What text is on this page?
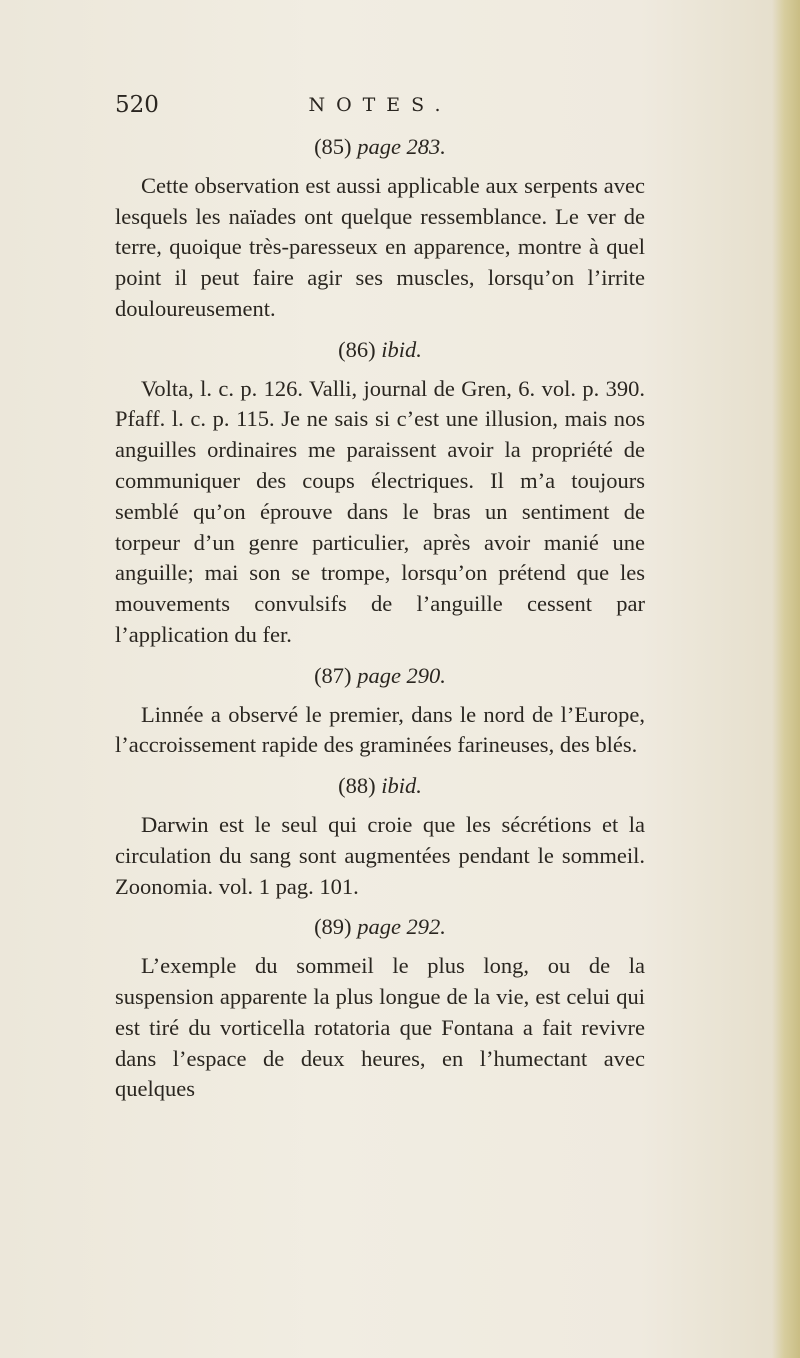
520	NOTES.
(85) page 283.

Cette observation est aussi applicable aux serpents avec lesquels les naïades ont quelque ressemblance. Le ver de terre, quoique très-paresseux en apparence, montre à quel point il peut faire agir ses muscles, lorsqu’on l’irrite douloureusement.

(86) ibid.

Volta, l. c. p. 126. Valli, journal de Gren, 6. vol. p. 390. Pfaff. l. c. p. 115. Je ne sais si c’est une illusion, mais nos anguilles ordinaires me paraissent avoir la propriété de communiquer des coups électriques. Il m’a toujours semblé qu’on éprouve dans le bras un sentiment de torpeur d’un genre particulier, après avoir manié une anguille; mai son se trompe, lorsqu’on prétend que les mouvements convulsifs de l’anguille cessent par l’application du fer.

(87) page 290.

Linnée a observé le premier, dans le nord de l’Europe, l’accroissement rapide des graminées farineuses, des blés.

(88) ibid.

Darwin est le seul qui croie que les sécrétions et la circulation du sang sont augmentées pendant le sommeil. Zoonomia. vol. 1 pag. 101.

(89) page 292.

L’exemple du sommeil le plus long, ou de la suspension apparente la plus longue de la vie, est celui qui est tiré du vorticella rotatoria que Fontana a fait revivre dans l’espace de deux heures, en l’humectant avec quelques
